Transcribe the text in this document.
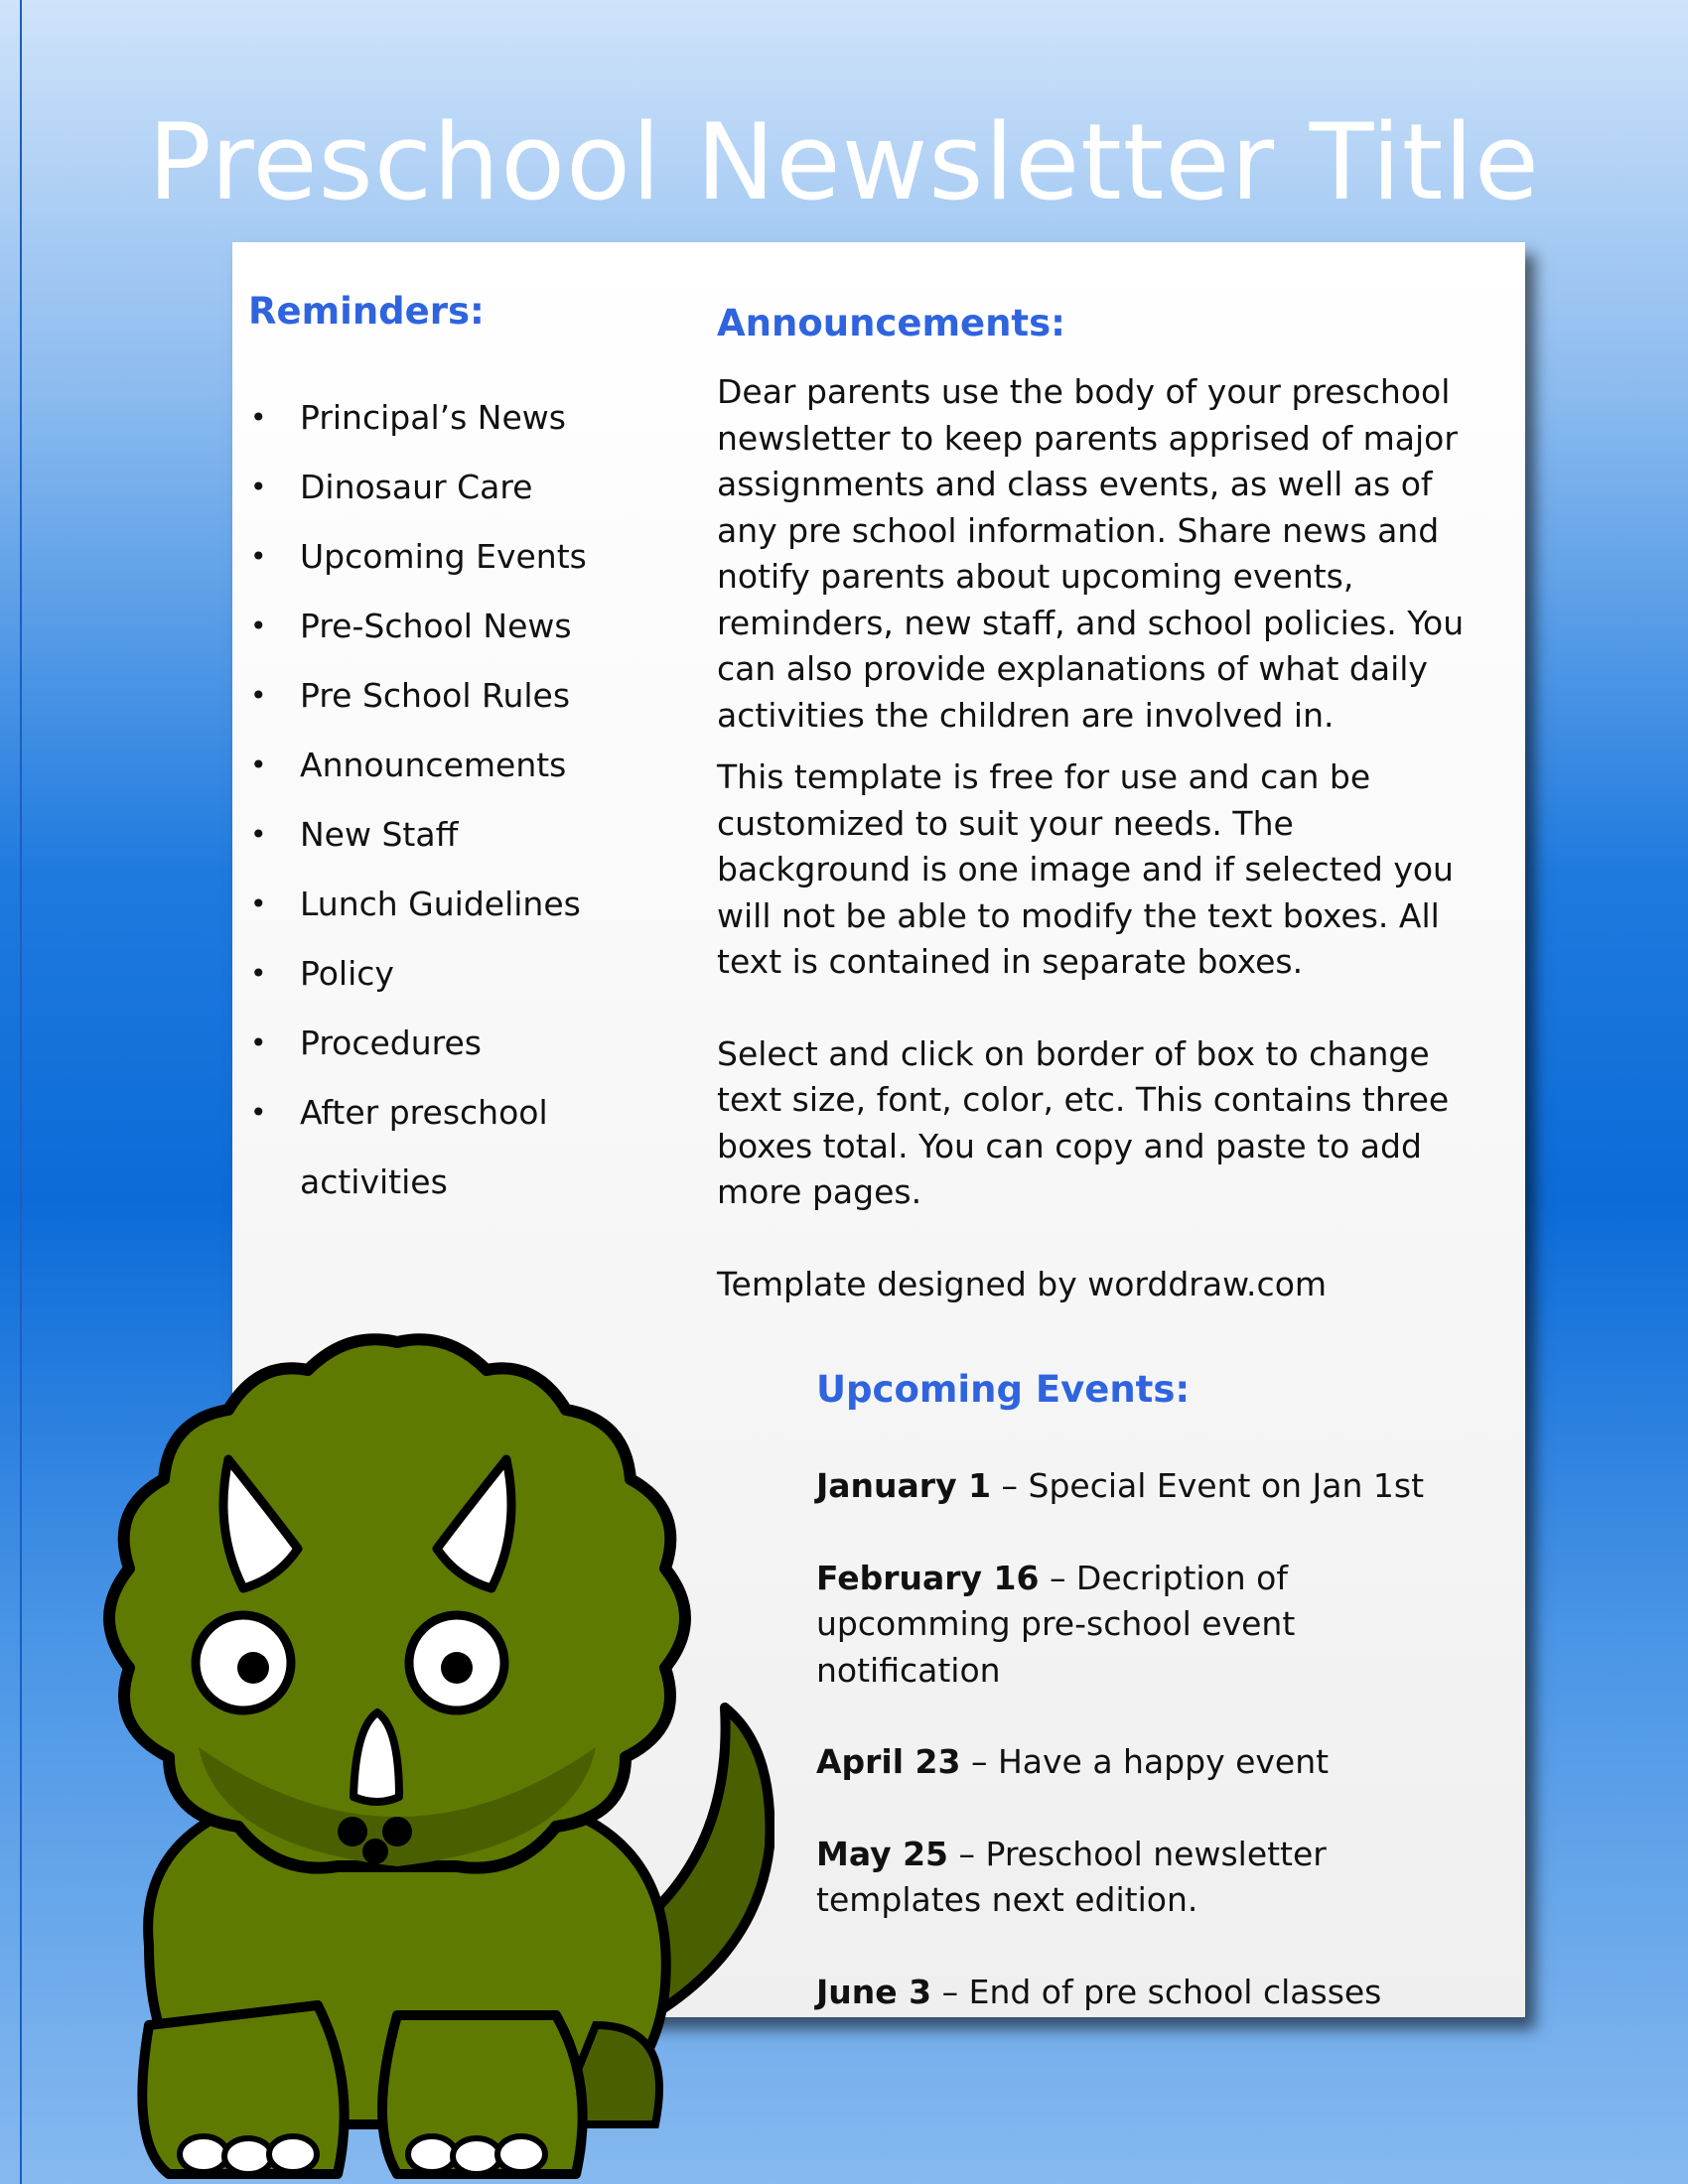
Preschool Newsletter Title
Reminders:
• Principal’s News
• Dinosaur Care
• Upcoming Events
• Pre-School News
• Pre School Rules
• Announcements
• New Staff
• Lunch Guidelines
• Policy
• Procedures
• After preschool activities
Announcements:

Dear parents use the body of your preschool newsletter to keep parents apprised of major assignments and class events, as well as of any pre school information. Share news and notify parents about upcoming events, reminders, new staff, and school policies. You can also provide explanations of what daily activities the children are involved in.

This template is free for use and can be customized to suit your needs. The background is one image and if selected you will not be able to modify the text boxes. All text is contained in separate boxes.

Select and click on border of box to change text size, font, color, etc. This contains three boxes total. You can copy and paste to add more pages.

Template designed by worddraw.com

Upcoming Events:

January 1 – Special Event on Jan 1st

February 16 – Decription of upcomming pre-school event notification

April 23 – Have a happy event

May 25 – Preschool newsletter templates next edition.

June 3 – End of pre school classes
